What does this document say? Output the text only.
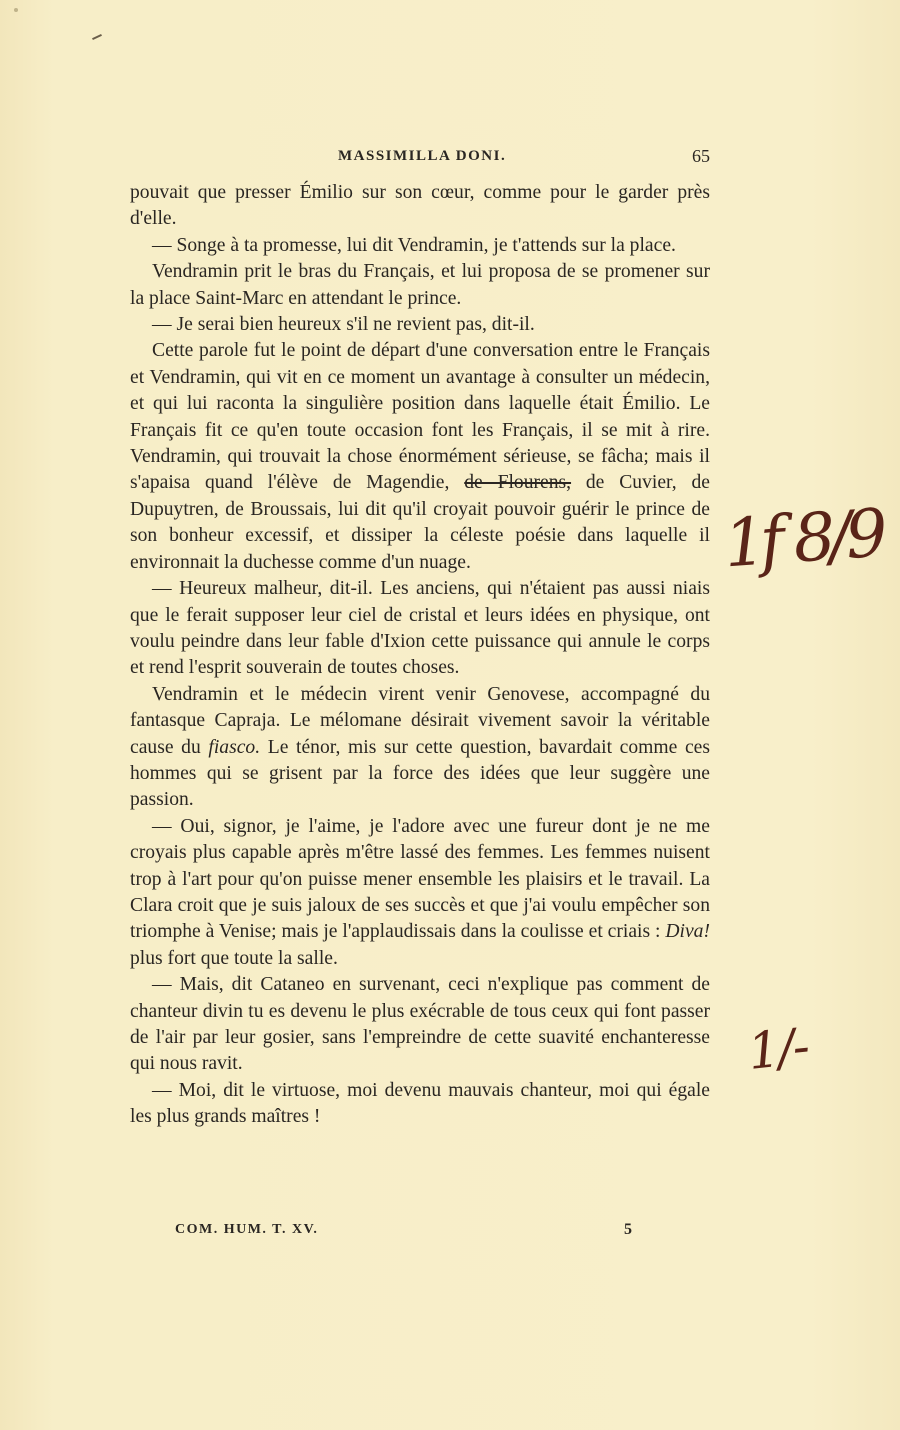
MASSIMILLA DONI.	65

pouvait que presser Émilio sur son cœur, comme pour le garder près d'elle.

— Songe à ta promesse, lui dit Vendramin, je t'attends sur la place.

Vendramin prit le bras du Français, et lui proposa de se promener sur la place Saint-Marc en attendant le prince.

— Je serai bien heureux s'il ne revient pas, dit-il.

Cette parole fut le point de départ d'une conversation entre le Français et Vendramin, qui vit en ce moment un avantage à consulter un médecin, et qui lui raconta la singulière position dans laquelle était Émilio. Le Français fit ce qu'en toute occasion font les Français, il se mit à rire. Vendramin, qui trouvait la chose énormément sérieuse, se fâcha; mais il s'apaisa quand l'élève de Magendie, de Flourens, de Cuvier, de Dupuytren, de Broussais, lui dit qu'il croyait pouvoir guérir le prince de son bonheur excessif, et dissiper la céleste poésie dans laquelle il environnait la duchesse comme d'un nuage.

— Heureux malheur, dit-il. Les anciens, qui n'étaient pas aussi niais que le ferait supposer leur ciel de cristal et leurs idées en physique, ont voulu peindre dans leur fable d'Ixion cette puissance qui annule le corps et rend l'esprit souverain de toutes choses.

Vendramin et le médecin virent venir Genovese, accompagné du fantasque Capraja. Le mélomane désirait vivement savoir la véritable cause du fiasco. Le ténor, mis sur cette question, bavardait comme ces hommes qui se grisent par la force des idées que leur suggère une passion.

— Oui, signor, je l'aime, je l'adore avec une fureur dont je ne me croyais plus capable après m'être lassé des femmes. Les femmes nuisent trop à l'art pour qu'on puisse mener ensemble les plaisirs et le travail. La Clara croit que je suis jaloux de ses succès et que j'ai voulu empêcher son triomphe à Venise; mais je l'applaudissais dans la coulisse et criais : Diva! plus fort que toute la salle.

— Mais, dit Cataneo en survenant, ceci n'explique pas comment de chanteur divin tu es devenu le plus exécrable de tous ceux qui font passer de l'air par leur gosier, sans l'empreindre de cette suavité enchanteresse qui nous ravit.

— Moi, dit le virtuose, moi devenu mauvais chanteur, moi qui égale les plus grands maîtres !

COM. HUM. T. XV.	5
1f 8/9
1/-
